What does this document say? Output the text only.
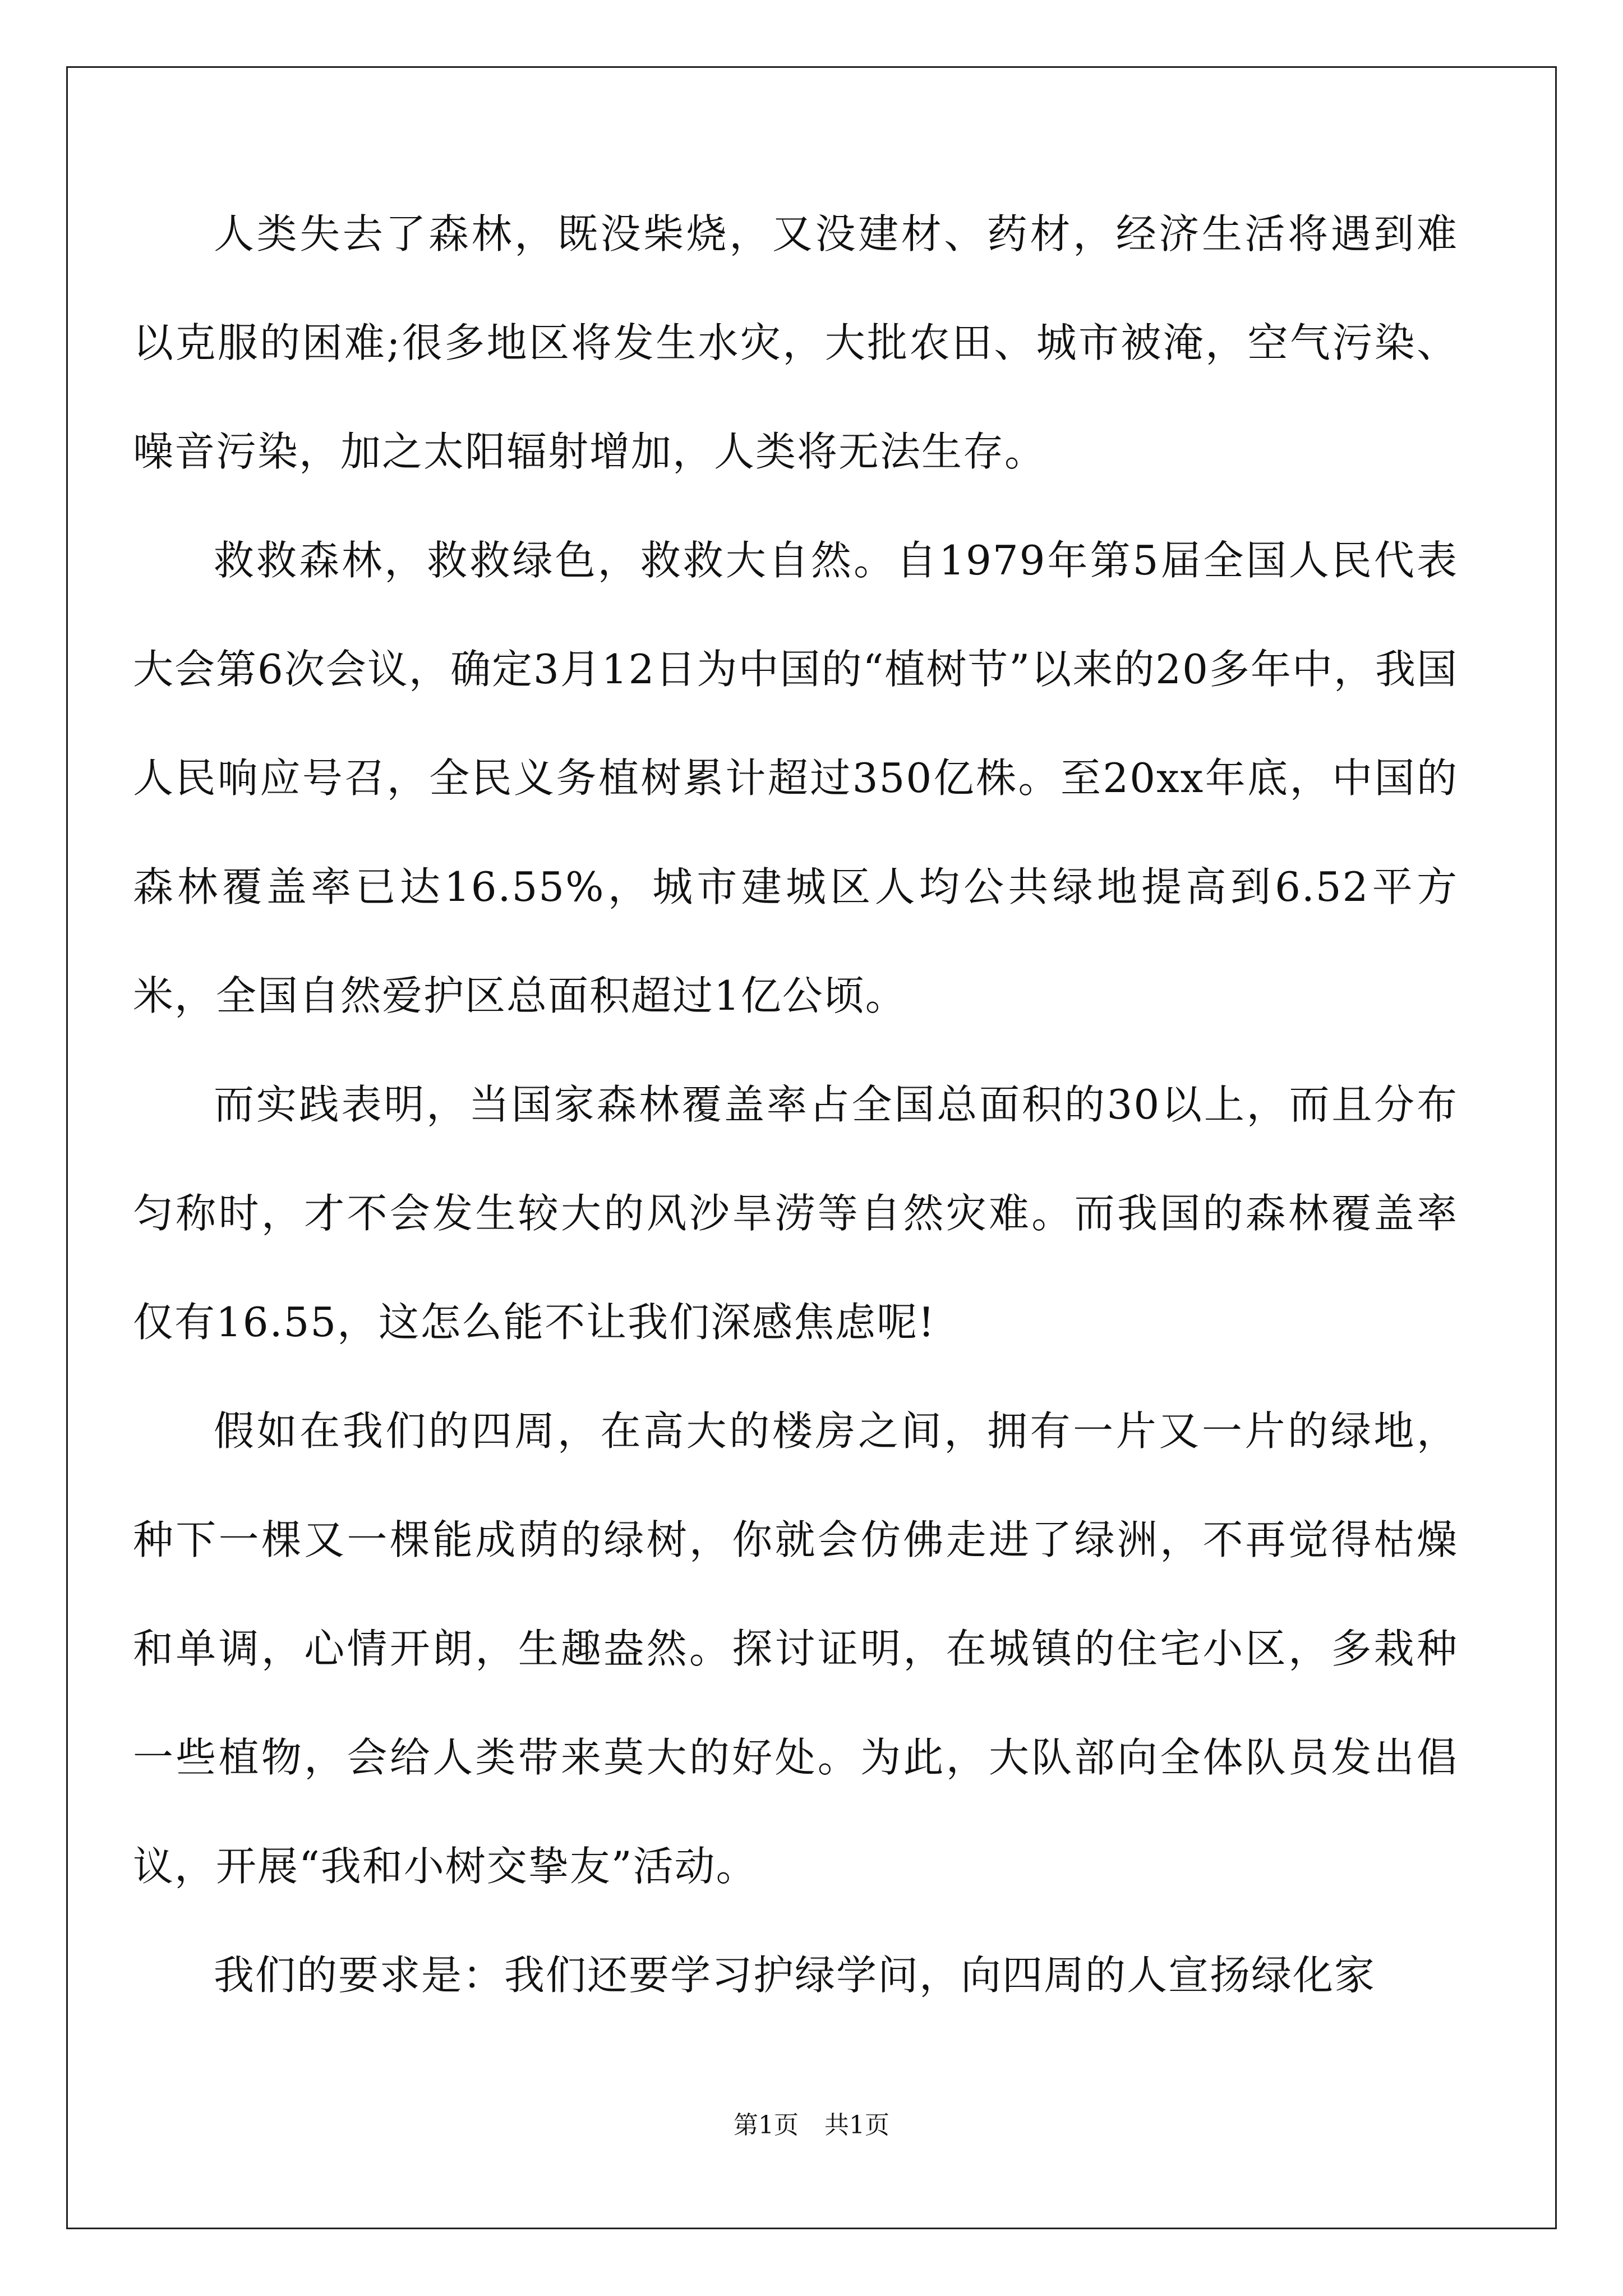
人类失去了森林，既没柴烧，又没建材、药材，经济生活将遇到难以克服的困难;很多地区将发生水灾，大批农田、城市被淹，空气污染、噪音污染，加之太阳辐射增加，人类将无法生存。

救救森林，救救绿色，救救大自然。自1979年第5届全国人民代表大会第6次会议，确定3月12日为中国的“植树节”以来的20多年中，我国人民响应号召，全民义务植树累计超过350亿株。至20xx年底，中国的森林覆盖率已达16.55%，城市建城区人均公共绿地提高到6.52平方米，全国自然爱护区总面积超过1亿公顷。

而实践表明，当国家森林覆盖率占全国总面积的30以上，而且分布匀称时，才不会发生较大的风沙旱涝等自然灾难。而我国的森林覆盖率仅有16.55，这怎么能不让我们深感焦虑呢!

假如在我们的四周，在高大的楼房之间，拥有一片又一片的绿地，种下一棵又一棵能成荫的绿树，你就会仿佛走进了绿洲，不再觉得枯燥和单调，心情开朗，生趣盎然。探讨证明，在城镇的住宅小区，多栽种一些植物，会给人类带来莫大的好处。为此，大队部向全体队员发出倡议，开展“我和小树交挚友”活动。

我们的要求是：我们还要学习护绿学问，向四周的人宣扬绿化家

第1页 共1页
